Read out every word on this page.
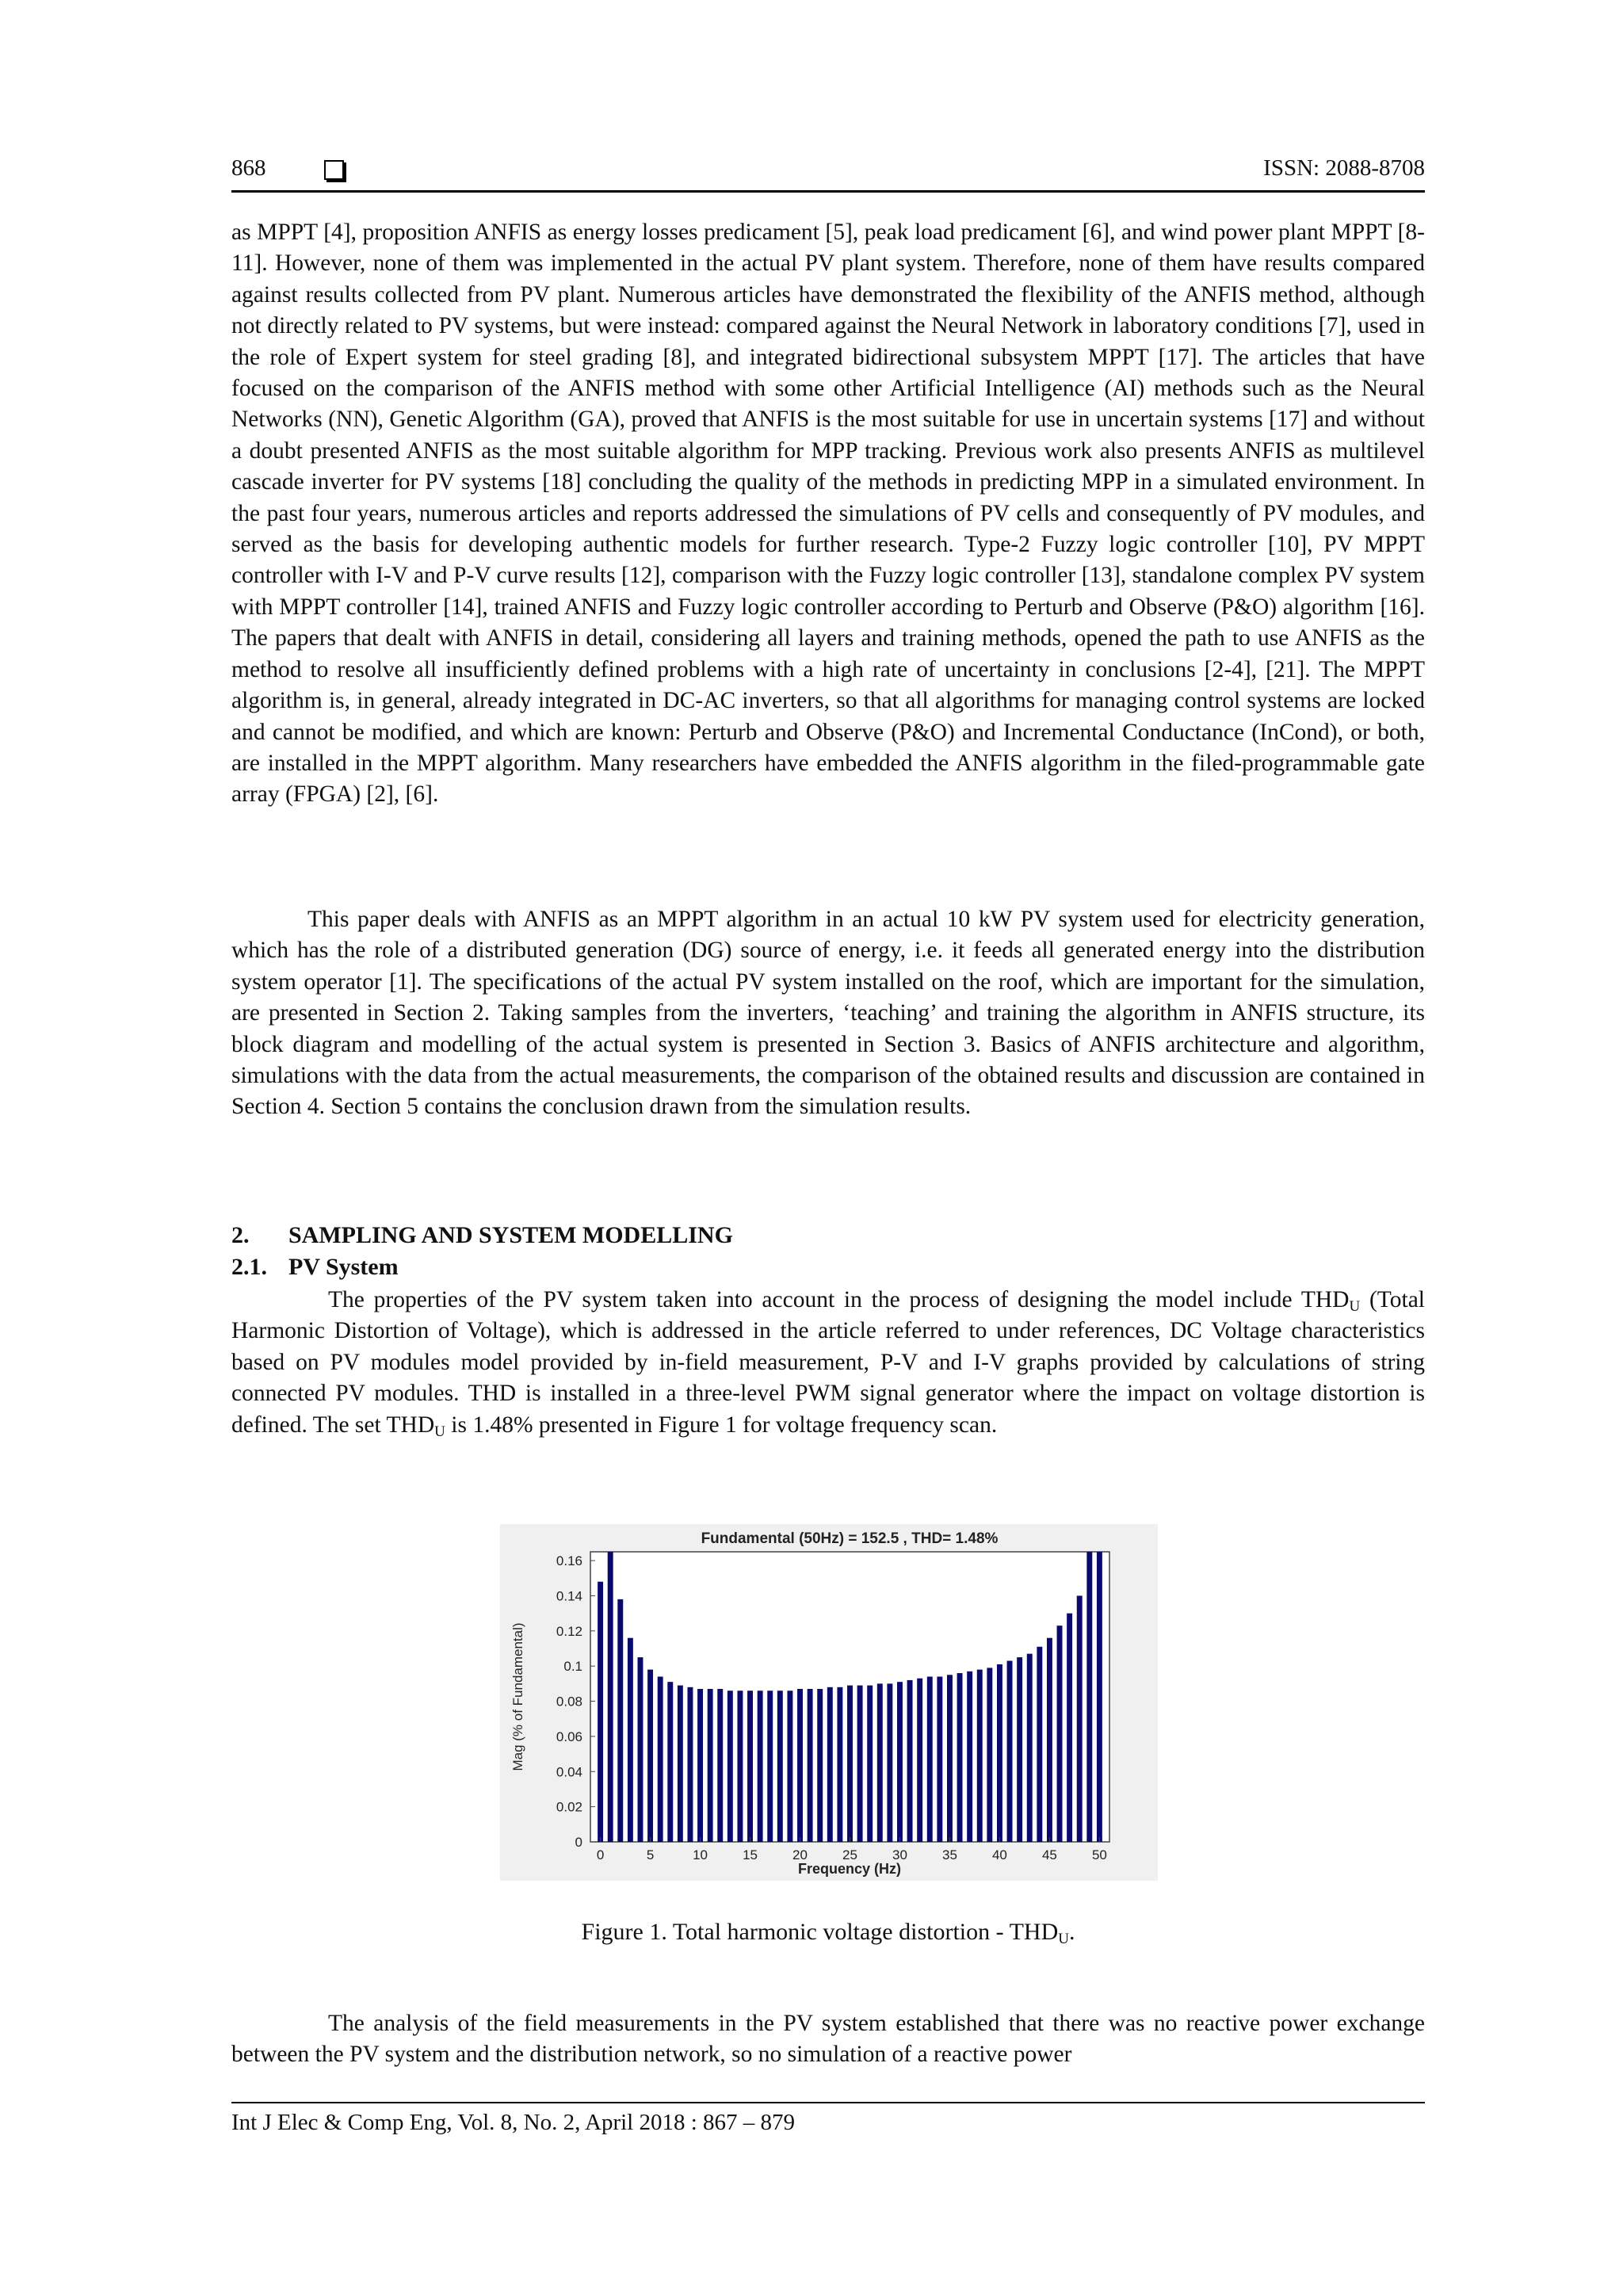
868	ISSN: 2088-8708

as MPPT [4], proposition ANFIS as energy losses predicament [5], peak load predicament [6], and wind power plant MPPT [8-11]. However, none of them was implemented in the actual PV plant system. Therefore, none of them have results compared against results collected from PV plant. Numerous articles have demonstrated the flexibility of the ANFIS method, although not directly related to PV systems, but were instead: compared against the Neural Network in laboratory conditions [7], used in the role of Expert system for steel grading [8], and integrated bidirectional subsystem MPPT [17]. The articles that have focused on the comparison of the ANFIS method with some other Artificial Intelligence (AI) methods such as the Neural Networks (NN), Genetic Algorithm (GA), proved that ANFIS is the most suitable for use in uncertain systems [17] and without a doubt presented ANFIS as the most suitable algorithm for MPP tracking. Previous work also presents ANFIS as multilevel cascade inverter for PV systems [18] concluding the quality of the methods in predicting MPP in a simulated environment. In the past four years, numerous articles and reports addressed the simulations of PV cells and consequently of PV modules, and served as the basis for developing authentic models for further research. Type-2 Fuzzy logic controller [10], PV MPPT controller with I-V and P-V curve results [12], comparison with the Fuzzy logic controller [13], standalone complex PV system with MPPT controller [14], trained ANFIS and Fuzzy logic controller according to Perturb and Observe (P&O) algorithm [16]. The papers that dealt with ANFIS in detail, considering all layers and training methods, opened the path to use ANFIS as the method to resolve all insufficiently defined problems with a high rate of uncertainty in conclusions [2-4], [21]. The MPPT algorithm is, in general, already integrated in DC-AC inverters, so that all algorithms for managing control systems are locked and cannot be modified, and which are known: Perturb and Observe (P&O) and Incremental Conductance (InCond), or both, are installed in the MPPT algorithm. Many researchers have embedded the ANFIS algorithm in the filed-programmable gate array (FPGA) [2], [6].

This paper deals with ANFIS as an MPPT algorithm in an actual 10 kW PV system used for electricity generation, which has the role of a distributed generation (DG) source of energy, i.e. it feeds all generated energy into the distribution system operator [1]. The specifications of the actual PV system installed on the roof, which are important for the simulation, are presented in Section 2. Taking samples from the inverters, ‘teaching’ and training the algorithm in ANFIS structure, its block diagram and modelling of the actual system is presented in Section 3. Basics of ANFIS architecture and algorithm, simulations with the data from the actual measurements, the comparison of the obtained results and discussion are contained in Section 4. Section 5 contains the conclusion drawn from the simulation results.

2. SAMPLING AND SYSTEM MODELLING
2.1. PV System

The properties of the PV system taken into account in the process of designing the model include $THD_U$ (Total Harmonic Distortion of Voltage), which is addressed in the article referred to under references, DC Voltage characteristics based on PV modules model provided by in-field measurement, P-V and I-V graphs provided by calculations of string connected PV modules. THD is installed in a three-level PWM signal generator where the impact on voltage distortion is defined. The set $THD_U$ is 1.48% presented in Figure 1 for voltage frequency scan.

0	5	10	15	20	25	30	35	40	45	50
0
0.02
0.04
0.06
0.08
0.1
0.12
0.14
0.16
Fundamental (50Hz) = 152.5 , THD= 1.48%
Frequency (Hz)
Mag (% of Fundamental)
Figure 1. Total harmonic voltage distortion - $THD_U$.

The analysis of the field measurements in the PV system established that there was no reactive power exchange between the PV system and the distribution network, so no simulation of a reactive power

Int J Elec & Comp Eng, Vol. 8, No. 2, April 2018 : 867 – 879
